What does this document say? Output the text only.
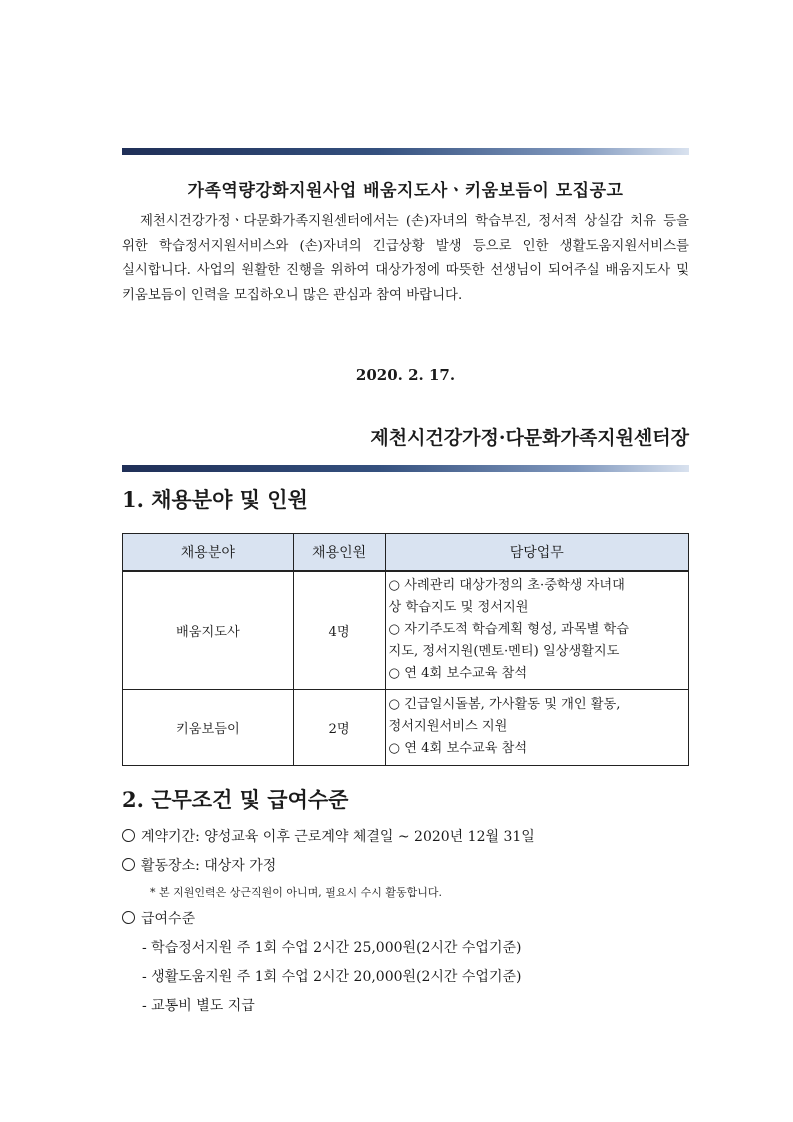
가족역량강화지원사업 배움지도사ㆍ키움보듬이 모집공고
제천시건강가정ㆍ다문화가족지원센터에서는 (손)자녀의 학습부진, 정서적 상실감 치유 등을 위한 학습정서지원서비스와 (손)자녀의 긴급상황 발생 등으로 인한 생활도움지원서비스를 실시합니다. 사업의 원활한 진행을 위하여 대상가정에 따뜻한 선생님이 되어주실 배움지도사 및 키움보듬이 인력을 모집하오니 많은 관심과 참여 바랍니다.
2020. 2. 17.
제천시건강가정·다문화가족지원센터장
1. 채용분야 및 인원
채용분야	채용인원	담당업무
배움지도사	4명	○ 사례관리 대상가정의 초·중학생 자녀대
상 학습지도 및 정서지원
○ 자기주도적 학습계획 형성, 과목별 학습
지도, 정서지원(멘토·멘티) 일상생활지도
○ 연 4회 보수교육 참석

키움보듬이	2명	○ 긴급일시돌봄, 가사활동 및 개인 활동,
정서지원서비스 지원
○ 연 4회 보수교육 참석
2. 근무조건 및 급여수준
계약기간: 양성교육 이후 근로계약 체결일 ~ 2020년 12월 31일
활동장소: 대상자 가정
* 본 지원인력은 상근직원이 아니며, 필요시 수시 활동합니다.
급여수준
- 학습정서지원 주 1회 수업 2시간 25,000원(2시간 수업기준)
- 생활도움지원 주 1회 수업 2시간 20,000원(2시간 수업기준)
- 교통비 별도 지급
